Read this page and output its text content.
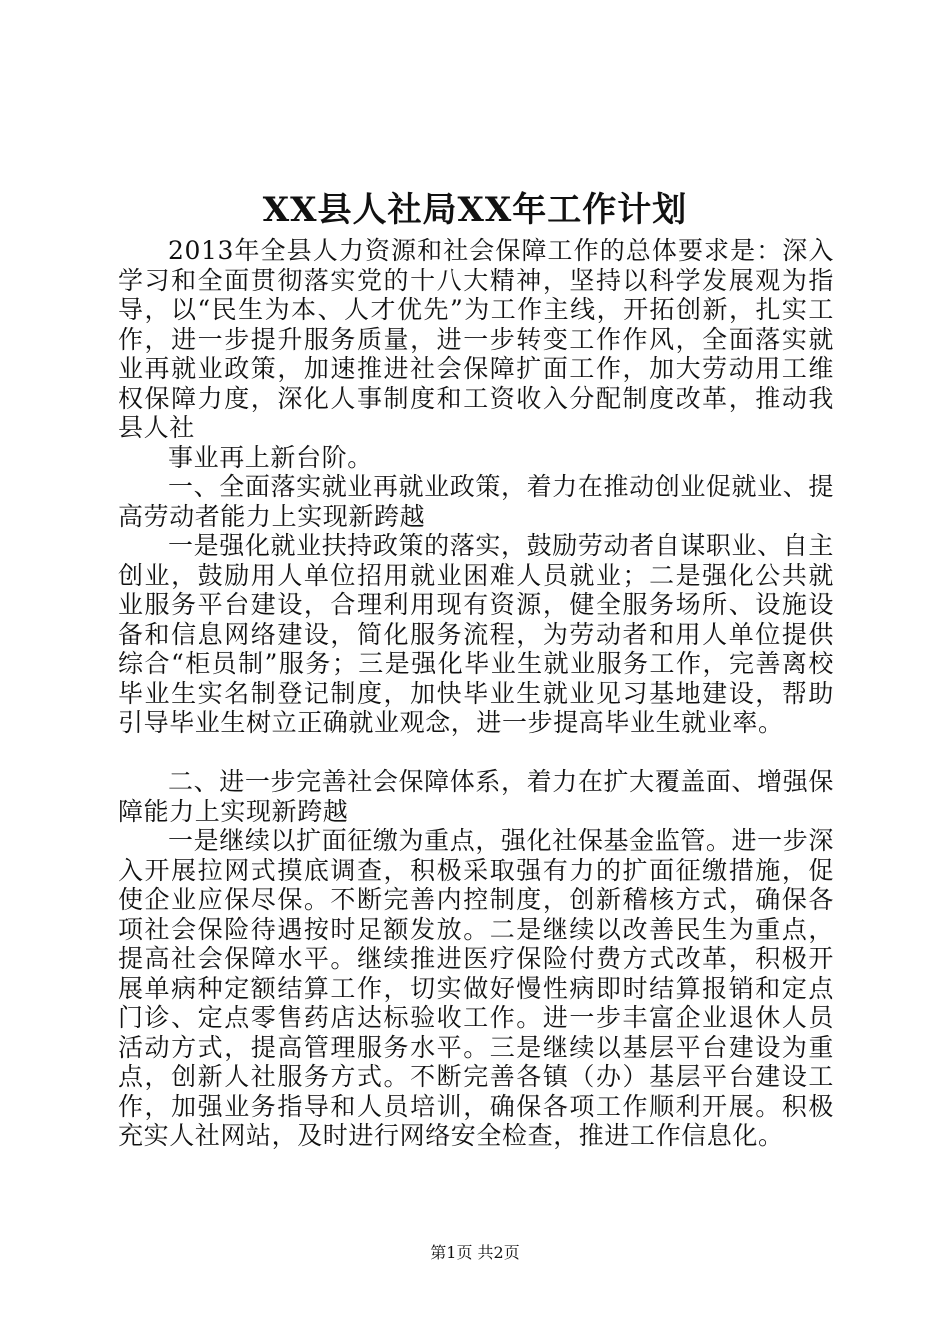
XX县人社局XX年工作计划

2013年全县人力资源和社会保障工作的总体要求是：深入学习和全面贯彻落实党的十八大精神，坚持以科学发展观为指导，以“民生为本、人才优先”为工作主线，开拓创新，扎实工作，进一步提升服务质量，进一步转变工作作风，全面落实就业再就业政策，加速推进社会保障扩面工作，加大劳动用工维权保障力度，深化人事制度和工资收入分配制度改革，推动我县人社

事业再上新台阶。

一、全面落实就业再就业政策，着力在推动创业促就业、提高劳动者能力上实现新跨越

一是强化就业扶持政策的落实，鼓励劳动者自谋职业、自主创业，鼓励用人单位招用就业困难人员就业；二是强化公共就业服务平台建设，合理利用现有资源，健全服务场所、设施设备和信息网络建设，简化服务流程，为劳动者和用人单位提供综合“柜员制”服务；三是强化毕业生就业服务工作，完善离校毕业生实名制登记制度，加快毕业生就业见习基地建设，帮助引导毕业生树立正确就业观念，进一步提高毕业生就业率。

二、进一步完善社会保障体系，着力在扩大覆盖面、增强保障能力上实现新跨越

一是继续以扩面征缴为重点，强化社保基金监管。进一步深入开展拉网式摸底调查，积极采取强有力的扩面征缴措施，促使企业应保尽保。不断完善内控制度，创新稽核方式，确保各项社会保险待遇按时足额发放。二是继续以改善民生为重点，提高社会保障水平。继续推进医疗保险付费方式改革，积极开展单病种定额结算工作，切实做好慢性病即时结算报销和定点门诊、定点零售药店达标验收工作。进一步丰富企业退休人员活动方式，提高管理服务水平。三是继续以基层平台建设为重点，创新人社服务方式。不断完善各镇（办）基层平台建设工作，加强业务指导和人员培训，确保各项工作顺利开展。积极充实人社网站，及时进行网络安全检查，推进工作信息化。

第1页 共2页
